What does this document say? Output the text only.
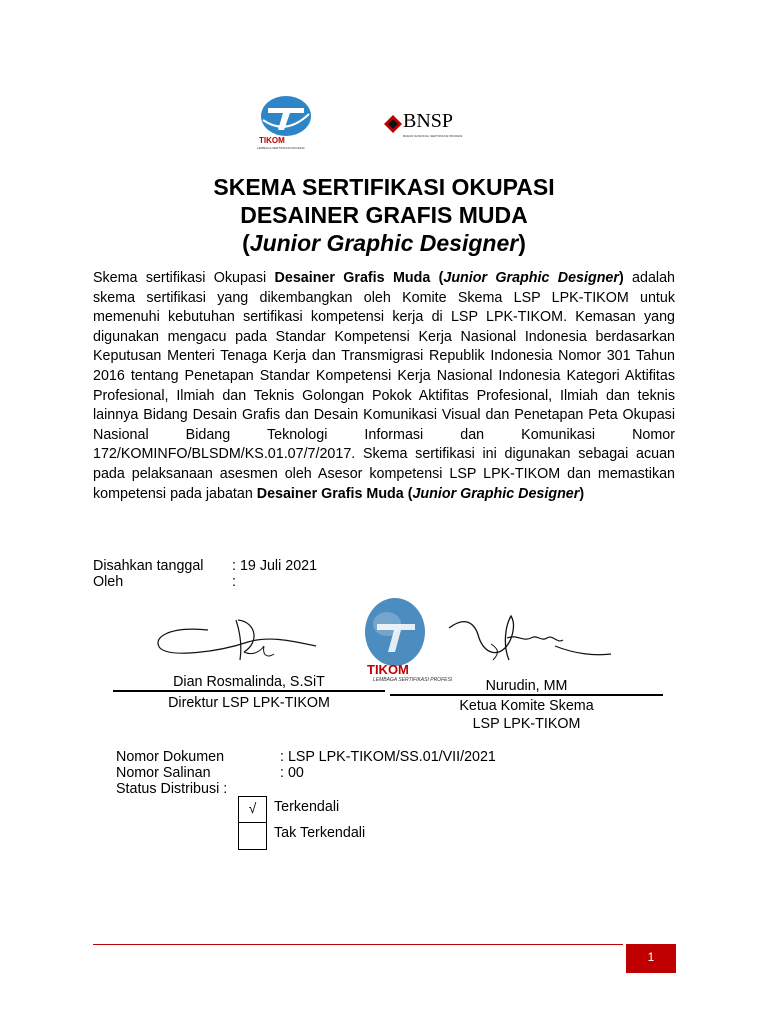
TIKOM
LEMBAGA SERTIFIKASI PROFESI
BNSP
BADAN NASIONAL SERTIFIKASI PROFESI
SKEMA SERTIFIKASI OKUPASI
DESAINER GRAFIS MUDA
(Junior Graphic Designer)
Skema sertifikasi Okupasi Desainer Grafis Muda (Junior Graphic Designer) adalah skema sertifikasi yang dikembangkan oleh Komite Skema LSP LPK-TIKOM untuk memenuhi kebutuhan sertifikasi kompetensi kerja di LSP LPK-TIKOM. Kemasan yang digunakan mengacu pada Standar Kompetensi Kerja Nasional Indonesia berdasarkan Keputusan Menteri Tenaga Kerja dan Transmigrasi Republik Indonesia Nomor 301 Tahun 2016 tentang Penetapan Standar Kompetensi Kerja Nasional Indonesia Kategori Aktifitas Profesional, Ilmiah dan Teknis Golongan Pokok Aktifitas Profesional, Ilmiah dan teknis lainnya Bidang Desain Grafis dan Desain Komunikasi Visual dan Penetapan Peta Okupasi Nasional Bidang Teknologi Informasi dan Komunikasi Nomor 172/KOMINFO/BLSDM/KS.01.07/7/2017. Skema sertifikasi ini digunakan sebagai acuan pada pelaksanaan asesmen oleh Asesor kompetensi LSP LPK-TIKOM dan memastikan kompetensi pada jabatan Desainer Grafis Muda (Junior Graphic Designer)
Disahkan tanggal : 19 Juli 2021
Oleh	:
TIKOM
LEMBAGA SERTIFIKASI PROFESI
Dian Rosmalinda, S.SiT
Direktur LSP LPK-TIKOM
Nurudin, MM
Ketua Komite Skema
LSP LPK-TIKOM
Nomor Dokumen	: LSP LPK-TIKOM/SS.01/VII/2021
Nomor Salinan	: 00
Status Distribusi :
√	Terkendali
Tak Terkendali
1
